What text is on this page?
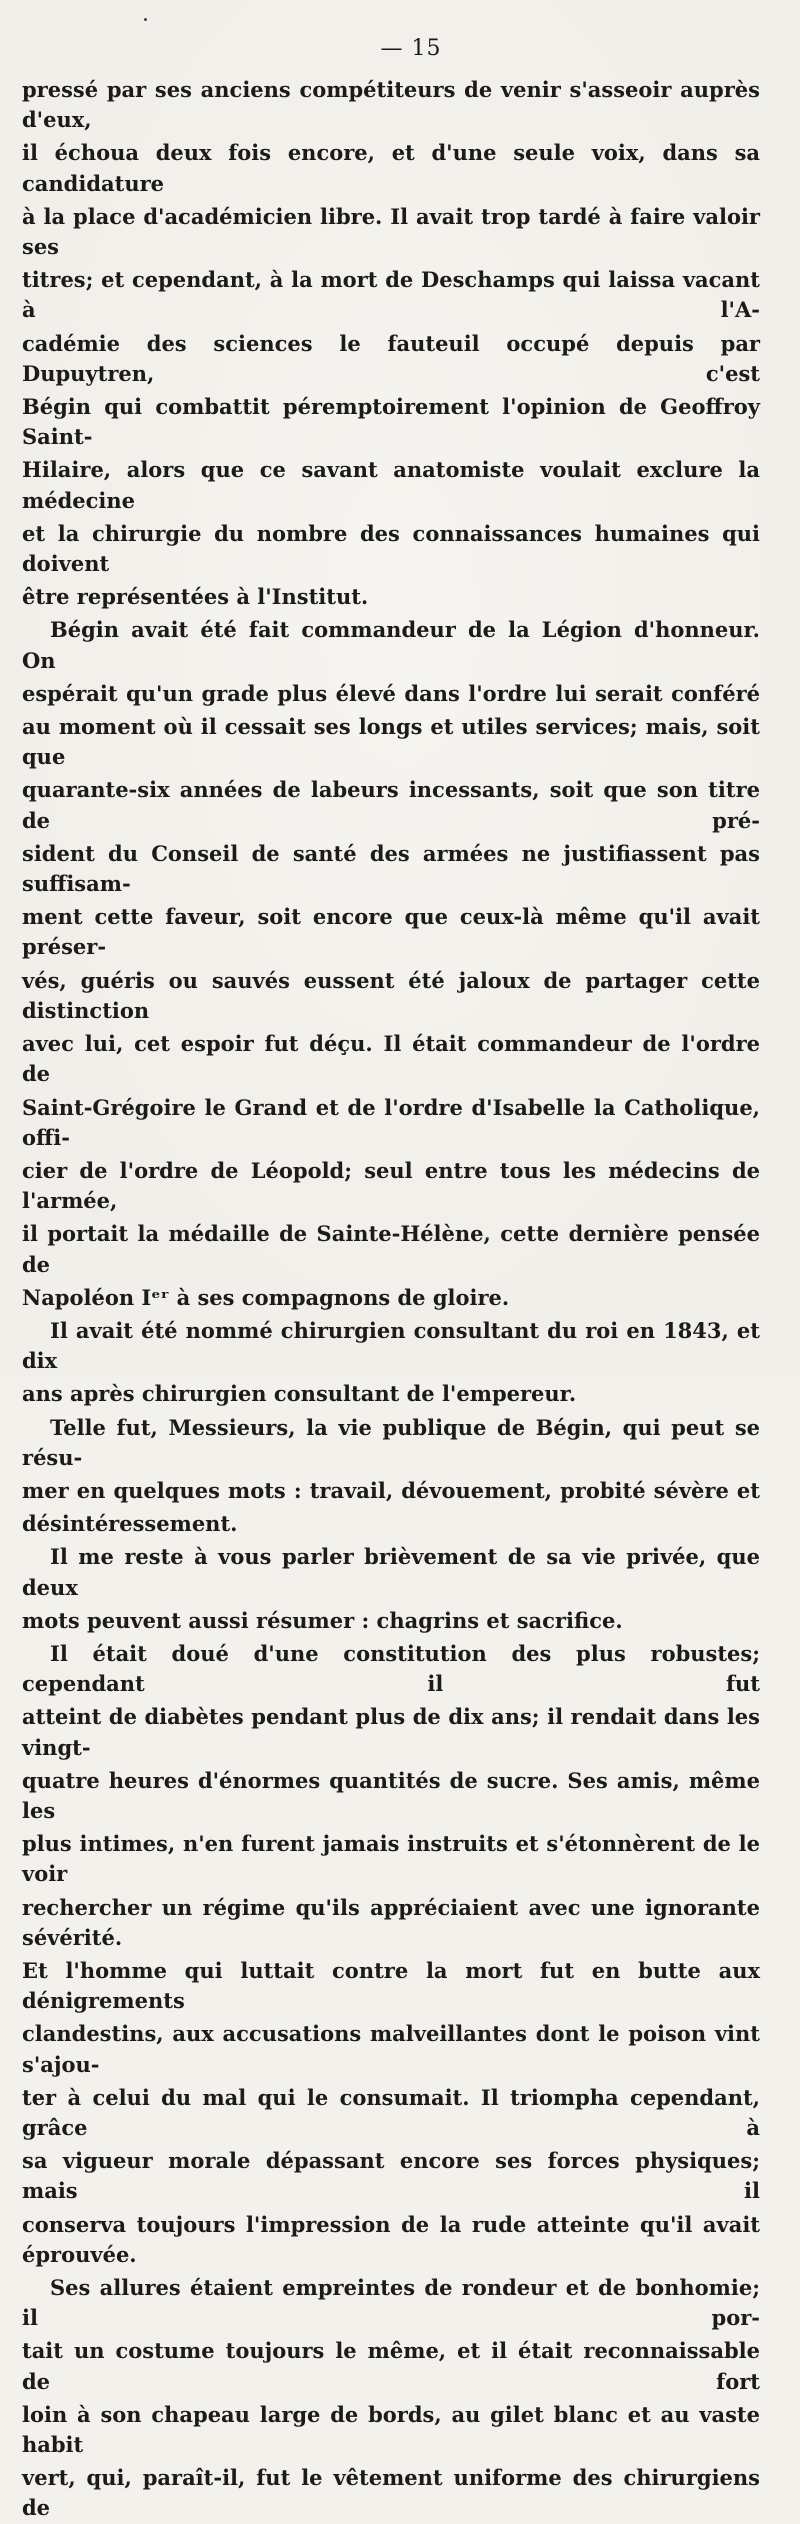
— 15
pressé par ses anciens compétiteurs de venir s'asseoir auprès d'eux,
il échoua deux fois encore, et d'une seule voix, dans sa candidature
à la place d'académicien libre. Il avait trop tardé à faire valoir ses
titres; et cependant, à la mort de Deschamps qui laissa vacant à l'A-
cadémie des sciences le fauteuil occupé depuis par Dupuytren, c'est
Bégin qui combattit péremptoirement l'opinion de Geoffroy Saint-
Hilaire, alors que ce savant anatomiste voulait exclure la médecine
et la chirurgie du nombre des connaissances humaines qui doivent
être représentées à l'Institut.
Bégin avait été fait commandeur de la Légion d'honneur. On
espérait qu'un grade plus élevé dans l'ordre lui serait conféré
au moment où il cessait ses longs et utiles services; mais, soit que
quarante-six années de labeurs incessants, soit que son titre de pré-
sident du Conseil de santé des armées ne justifiassent pas suffisam-
ment cette faveur, soit encore que ceux-là même qu'il avait préser-
vés, guéris ou sauvés eussent été jaloux de partager cette distinction
avec lui, cet espoir fut déçu. Il était commandeur de l'ordre de
Saint-Grégoire le Grand et de l'ordre d'Isabelle la Catholique, offi-
cier de l'ordre de Léopold; seul entre tous les médecins de l'armée,
il portait la médaille de Sainte-Hélène, cette dernière pensée de
Napoléon Iᵉʳ à ses compagnons de gloire.
Il avait été nommé chirurgien consultant du roi en 1843, et dix
ans après chirurgien consultant de l'empereur.
Telle fut, Messieurs, la vie publique de Bégin, qui peut se résu-
mer en quelques mots : travail, dévouement, probité sévère et
désintéressement.
Il me reste à vous parler brièvement de sa vie privée, que deux
mots peuvent aussi résumer : chagrins et sacrifice.
Il était doué d'une constitution des plus robustes; cependant il fut
atteint de diabètes pendant plus de dix ans; il rendait dans les vingt-
quatre heures d'énormes quantités de sucre. Ses amis, même les
plus intimes, n'en furent jamais instruits et s'étonnèrent de le voir
rechercher un régime qu'ils appréciaient avec une ignorante sévérité.
Et l'homme qui luttait contre la mort fut en butte aux dénigrements
clandestins, aux accusations malveillantes dont le poison vint s'ajou-
ter à celui du mal qui le consumait. Il triompha cependant, grâce à
sa vigueur morale dépassant encore ses forces physiques; mais il
conserva toujours l'impression de la rude atteinte qu'il avait éprouvée.
Ses allures étaient empreintes de rondeur et de bonhomie; il por-
tait un costume toujours le même, et il était reconnaissable de fort
loin à son chapeau large de bords, au gilet blanc et au vaste habit
vert, qui, paraît-il, fut le vêtement uniforme des chirurgiens de
